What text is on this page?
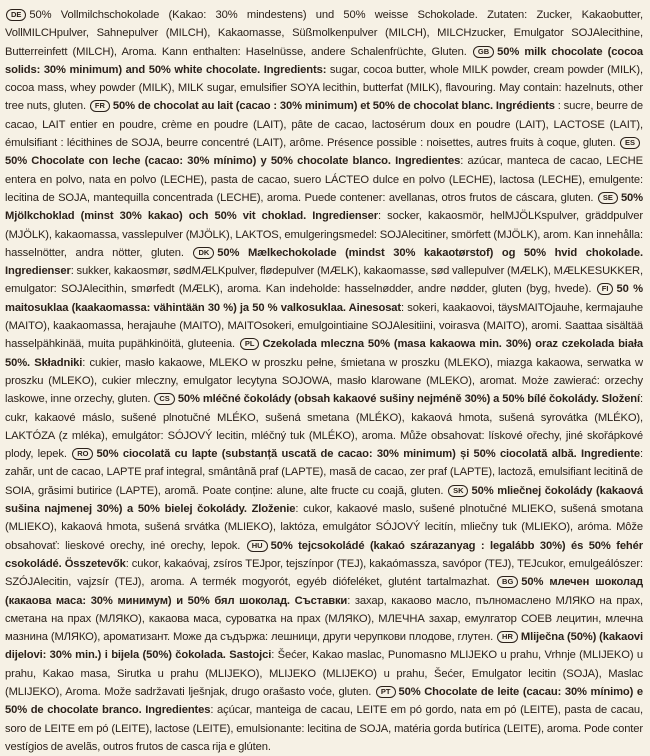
DE 50% Vollmilchschokolade (Kakao: 30% mindestens) und 50% weisse Schokolade. Zutaten: Zucker, Kakaobutter, VollMILCHpulver, Sahnepulver (MILCH), Kakaomasse, Süßmolkenpulver (MILCH), MILCHzucker, Emulgator SOJAlecithine, Butterreinfett (MILCH), Aroma. Kann enthalten: Haselnüsse, andere Schalenfrüchte, Gluten. GB 50% milk chocolate (cocoa solids: 30% minimum) and 50% white chocolate. Ingredients: sugar, cocoa butter, whole MILK powder, cream powder (MILK), cocoa mass, whey powder (MILK), MILK sugar, emulsifier SOYA lecithin, butterfat (MILK), flavouring. May contain: hazelnuts, other tree nuts, gluten. FR 50% de chocolat au lait (cacao : 30% minimum) et 50% de chocolat blanc. Ingrédients : sucre, beurre de cacao, LAIT entier en poudre, crème en poudre (LAIT), pâte de cacao, lactosérum doux en poudre (LAIT), LACTOSE (LAIT), émulsifiant : lécithines de SOJA, beurre concentré (LAIT), arôme. Présence possible : noisettes, autres fruits à coque, gluten. ES50% Chocolate con leche (cacao: 30% mínimo) y 50% chocolate blanco. Ingredientes: azúcar, manteca de cacao, LECHE entera en polvo, nata en polvo (LECHE), pasta de cacao, suero LÁCTEO dulce en polvo (LECHE), lactosa (LECHE), emulgente: lecitina de SOJA, mantequilla concentrada (LECHE), aroma. Puede contener: avellanas, otros frutos de cáscara, gluten. SE 50% Mjölkchoklad (minst 30% kakao) och 50% vit choklad. Ingredienser: socker, kakaosmör, helMJÖLKspulver, gräddpulver (MJÖLK), kakaomassa, vasslepulver (MJÖLK), LAKTOS, emulgeringsmedel: SOJAlecitiner, smörfett (MJÖLK), arom. Kan innehålla: hasselnötter, andra nötter, gluten. DK 50% Mælkechokolade (mindst 30% kakaotørstof) og 50% hvid chokolade. Ingredienser: sukker, kakaosmør, sødMÆLKpulver, flødepulver (MÆLK), kakaomasse, sød vallepulver (MÆLK), MÆLKESUKKER, emulgator: SOJAlecithin, smørfedt (MÆLK), aroma. Kan indeholde: hasselnødder, andre nødder, gluten (byg, hvede). FI 50 % maitosuklaa (kaakaomassa: vähintään 30 %) ja 50 % valkosuklaa. Ainesosat: sokeri, kaakaovoi, täysMAITOjauhe, kermajauhe (MAITO), kaakaomassa, herajauhe (MAITO), MAITOsokeri, emulgointiaine SOJAlesitiini, voirasva (MAITO), aromi. Saattaa sisältää hasselpähkinää, muita pupähkinöitä, gluteenia. PL Czekolada mleczna 50% (masa kakaowa min. 30%) oraz czekolada biała 50%. Składniki: cukier, masło kakaowe, MLEKO w proszku pełne, śmietana w proszku (MLEKO), miazga kakaowa, serwatka w proszku (MLEKO), cukier mleczny, emulgator lecytyna SOJOWA, masło klarowane (MLEKO), aromat. Może zawierać: orzechy laskowe, inne orzechy, gluten. CS 50% mléčné čokolády (obsah kakaové sušiny nejméně 30%) a 50% bílé čokolády. Složení: cukr, kakaové máslo, sušené plnotučné MLÉKO, sušená smetana (MLÉKO), kakaová hmota, sušená syrovátka (MLÉKO), LAKTÓZA (z mléka), emulgátor: SÓJOVÝ lecitin, mléčný tuk (MLÉKO), aroma. Může obsahovat: lískové ořechy, jiné skořápkové plody, lepek. RO 50% ciocolată cu lapte (substanță uscată de cacao: 30% minimum) și 50% ciocolată albă. Ingrediente: zahăr, unt de cacao, LAPTE praf integral, smântână praf (LAPTE), masă de cacao, zer praf (LAPTE), lactoză, emulsifiant lecitină de SOIA, grăsimi butirice (LAPTE), aromă. Poate conține: alune, alte fructe cu coajă, gluten. SK 50% mliečnej čokolády (kakaová sušina najmenej 30%) a 50% bielej čokolády. Zloženie: cukor, kakaové maslo, sušené plnotučné MLIEKO, sušená smotana (MLIEKO), kakaová hmota, sušená srvátka (MLIEKO), laktóza, emulgátor SÓJOVÝ lecitín, mliečny tuk (MLIEKO), aróma. Môže obsahovať: lieskové orechy, iné orechy, lepok. HU 50% tejcsokoládé (kakaó szárazanyag : legalább 30%) és 50% fehér csokoládé. Összetevők: cukor, kakaóvaj, zsíros TEJpor, tejszínpor (TEJ), kakaómassza, savópor (TEJ), TEJcukor, emulgeálószer: SZÓJAlecitin, vajzsír (TEJ), aroma. A termék mogyorót, egyéb diófeléket, glutént tartalmazhat. BG 50% млечен шоколад (какаова маса: 30% минимум) и 50% бял шоколад. Съставки: захар, какаово масло, пълномаслено МЛЯКО на прах, сметана на прах (МЛЯКО), какаова маса, суроватка на прах (МЛЯКО), МЛЕЧНА захар, емулгатор СОЕВ лецитин, млечна мазнина (МЛЯКО), ароматизант. Може да съдържа: лешници, други черупкови плодове, глутен. HR Mliječna (50%) (kakaovi dijelovi: 30% min.) i bijela (50%) čokolada. Sastojci: Šećer, Kakao maslac, Punomasno MLIJEKO u prahu, Vrhnje (MLIJEKO) u prahu, Kakao masa, Sirutka u prahu (MLIJEKO), MLIJEKO (MLIJEKO) u prahu, Šećer, Emulgator lecitin (SOJA), Maslac (MLIJEKO), Aroma. Može sadržavati lješnjak, drugo orašasto voće, gluten. PT 50% Chocolate de leite (cacau: 30% mínimo) e 50% de chocolate branco. Ingredientes: açúcar, manteiga de cacau, LEITE em pó gordo, nata em pó (LEITE), pasta de cacau, soro de LEITE em pó (LEITE), lactose (LEITE), emulsionante: lecitina de SOJA, matéria gorda butírica (LEITE), aroma. Pode conter vestígios de avelãs, outros frutos de casca rija e glúten.
